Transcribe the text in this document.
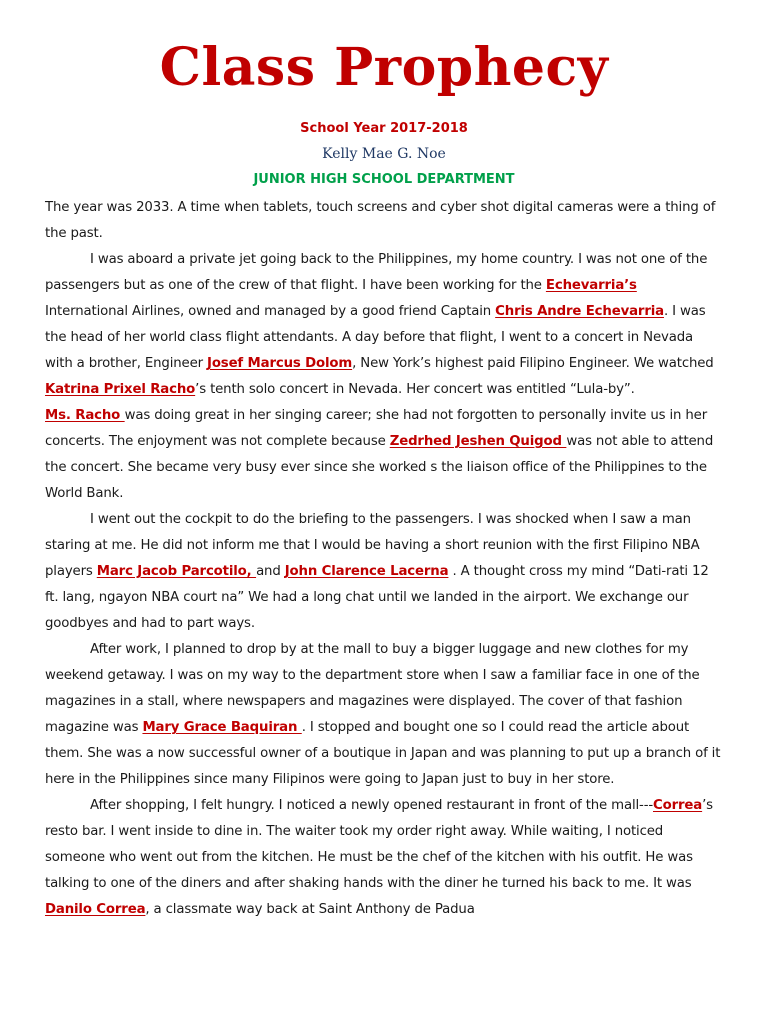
Class Prophecy
School Year 2017-2018
Kelly Mae G. Noe
JUNIOR HIGH SCHOOL DEPARTMENT

The year was 2033. A time when tablets, touch screens and cyber shot digital cameras were a thing of the past.

I was aboard a private jet going back to the Philippines, my home country. I was not one of the passengers but as one of the crew of that flight. I have been working for the Echevarria’s International Airlines, owned and managed by a good friend Captain Chris Andre Echevarria. I was the head of her world class flight attendants. A day before that flight, I went to a concert in Nevada with a brother, Engineer Josef Marcus Dolom, New York’s highest paid Filipino Engineer. We watched Katrina Prixel Racho’s tenth solo concert in Nevada. Her concert was entitled “Lula-by”.

Ms. Racho was doing great in her singing career; she had not forgotten to personally invite us in her concerts. The enjoyment was not complete because Zedrhed Jeshen Quigod was not able to attend the concert. She became very busy ever since she worked s the liaison office of the Philippines to the World Bank.

I went out the cockpit to do the briefing to the passengers. I was shocked when I saw a man staring at me. He did not inform me that I would be having a short reunion with the first Filipino NBA players Marc Jacob Parcotilo, and John Clarence Lacerna . A thought cross my mind “Dati-rati 12 ft. lang, ngayon NBA court na” We had a long chat until we landed in the airport. We exchange our goodbyes and had to part ways.

After work, I planned to drop by at the mall to buy a bigger luggage and new clothes for my weekend getaway. I was on my way to the department store when I saw a familiar face in one of the magazines in a stall, where newspapers and magazines were displayed. The cover of that fashion magazine was Mary Grace Baquiran . I stopped and bought one so I could read the article about them. She was a now successful owner of a boutique in Japan and was planning to put up a branch of it here in the Philippines since many Filipinos were going to Japan just to buy in her store.

After shopping, I felt hungry. I noticed a newly opened restaurant in front of the mall---Correa’s resto bar. I went inside to dine in. The waiter took my order right away. While waiting, I noticed someone who went out from the kitchen. He must be the chef of the kitchen with his outfit. He was talking to one of the diners and after shaking hands with the diner he turned his back to me. It was Danilo Correa, a classmate way back at Saint Anthony de Padua
